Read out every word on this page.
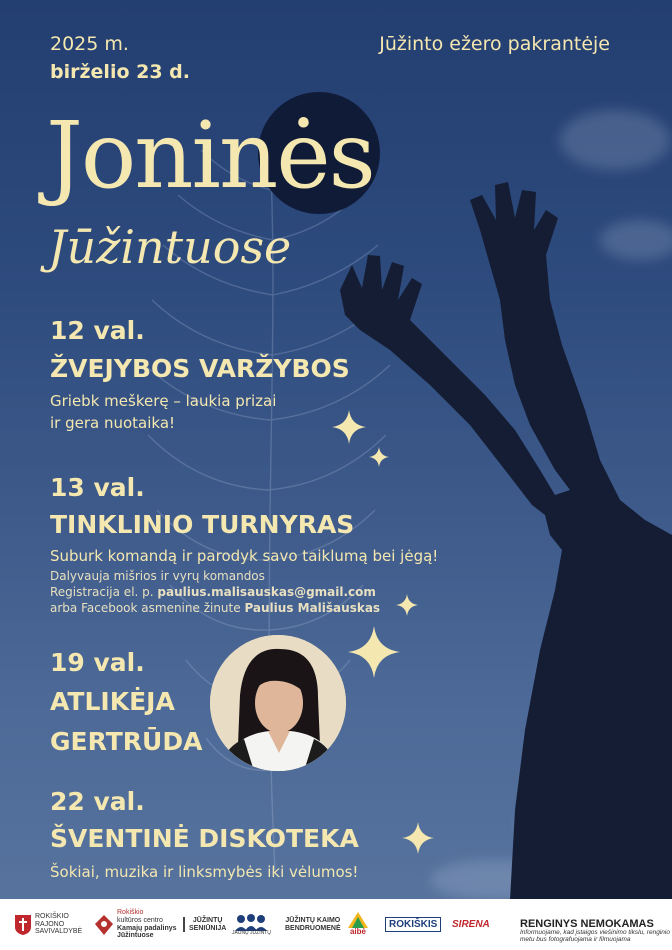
2025 m.

birželio 23 d.

Jūžinto ežero pakrantėje

Joninės

Jūžintuose

12 val.

ŽVEJYBOS VARŽYBOS

Griebk meškerę – laukia prizai

ir gera nuotaika!

13 val.

TINKLINIO TURNYRAS

Suburk komandą ir parodyk savo taiklumą bei jėgą!

Dalyvauja mišrios ir vyrų komandos

Registracija el. p. paulius.malisauskas@gmail.com

arba Facebook asmenine žinute Paulius Mališauskas

19 val.

ATLIKĖJA

GERTRŪDA

22 val.

ŠVENTINĖ DISKOTEKA

Šokiai, muzika ir linksmybės iki vėlumos!

ROKIŠKIO RAJONO SAVIVALDYBĖ
Rokiškio
kultūros centro
Kamajų padalinys
Jūžintuose
JŪŽINTŲ
SENIŪNIJA
JAUNŲ JŪŽINTŲ
JŪŽINTŲ KAIMO
BENDRUOMENĖ aibė
ROKIŠKIS	SIRENA	RENGINYS NEMOKAMAS

Informuojame, kad įstaigos viešinimo tikslu, renginio metu bus fotografuojama ir filmuojama
